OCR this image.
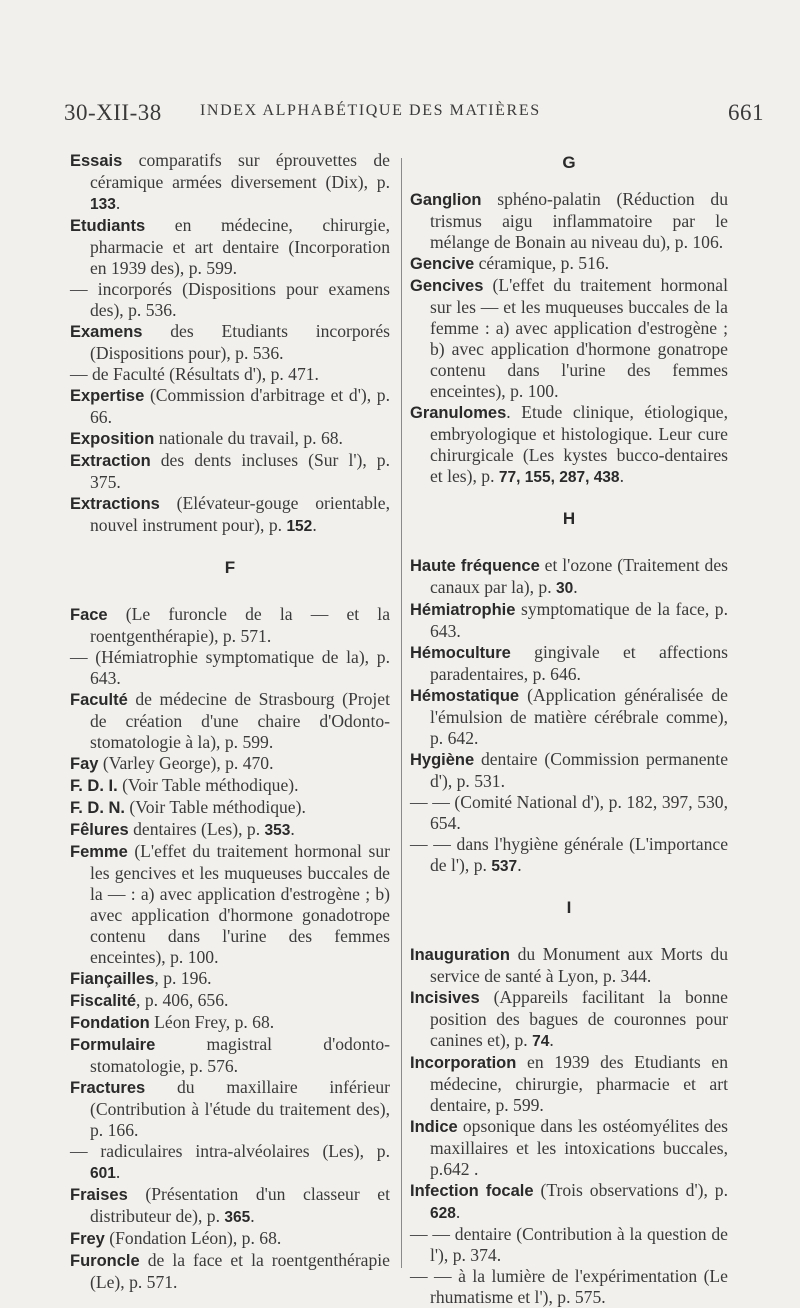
30-XII-38 INDEX ALPHABÉTIQUE DES MATIÈRES	661

Essais comparatifs sur éprouvettes de céramique armées diversement (Dix), p. 133.

Etudiants en médecine, chirurgie, pharmacie et art dentaire (Incorporation en 1939 des), p. 599.

— incorporés (Dispositions pour examens des), p. 536.

Examens des Etudiants incorporés (Dispositions pour), p. 536.

— de Faculté (Résultats d'), p. 471.

Expertise (Commission d'arbitrage et d'), p. 66.

Exposition nationale du travail, p. 68.

Extraction des dents incluses (Sur l'), p. 375.

Extractions (Elévateur-gouge orientable, nouvel instrument pour), p. 152.

F

Face (Le furoncle de la — et la roentgenthérapie), p. 571.

— (Hémiatrophie symptomatique de la), p. 643.

Faculté de médecine de Strasbourg (Projet de création d'une chaire d'Odonto-stomatologie à la), p. 599.

Fay (Varley George), p. 470.

F. D. I. (Voir Table méthodique).

F. D. N. (Voir Table méthodique).

Fêlures dentaires (Les), p. 353.

Femme (L'effet du traitement hormonal sur les gencives et les muqueuses buccales de la — : a) avec application d'estrogène ; b) avec application d'hormone gonadotrope contenu dans l'urine des femmes enceintes), p. 100.

Fiançailles, p. 196.

Fiscalité, p. 406, 656.

Fondation Léon Frey, p. 68.

Formulaire magistral d'odonto-stomatologie, p. 576.

Fractures du maxillaire inférieur (Contribution à l'étude du traitement des), p. 166.

— radiculaires intra-alvéolaires (Les), p. 601.

Fraises (Présentation d'un classeur et distributeur de), p. 365.

Frey (Fondation Léon), p. 68.

Furoncle de la face et la roentgenthérapie (Le), p. 571.

G

Ganglion sphéno-palatin (Réduction du trismus aigu inflammatoire par le mélange de Bonain au niveau du), p. 106.

Gencive céramique, p. 516.

Gencives (L'effet du traitement hormonal sur les — et les muqueuses buccales de la femme : a) avec application d'estrogène ; b) avec application d'hormone gonatrope contenu dans l'urine des femmes enceintes), p. 100.

Granulomes. Etude clinique, étiologique, embryologique et histologique. Leur cure chirurgicale (Les kystes bucco-dentaires et les), p. 77, 155, 287, 438.

H

Haute fréquence et l'ozone (Traitement des canaux par la), p. 30.

Hémiatrophie symptomatique de la face, p. 643.

Hémoculture gingivale et affections paradentaires, p. 646.

Hémostatique (Application généralisée de l'émulsion de matière cérébrale comme), p. 642.

Hygiène dentaire (Commission permanente d'), p. 531.

— — (Comité National d'), p. 182, 397, 530, 654.

— — dans l'hygiène générale (L'importance de l'), p. 537.

I

Inauguration du Monument aux Morts du service de santé à Lyon, p. 344.

Incisives (Appareils facilitant la bonne position des bagues de couronnes pour canines et), p. 74.

Incorporation en 1939 des Etudiants en médecine, chirurgie, pharmacie et art dentaire, p. 599.

Indice opsonique dans les ostéomyélites des maxillaires et les intoxications buccales, p.642 .

Infection focale (Trois observations d'), p. 628.

— — dentaire (Contribution à la question de l'), p. 374.

— — à la lumière de l'expérimentation (Le rhumatisme et l'), p. 575.
